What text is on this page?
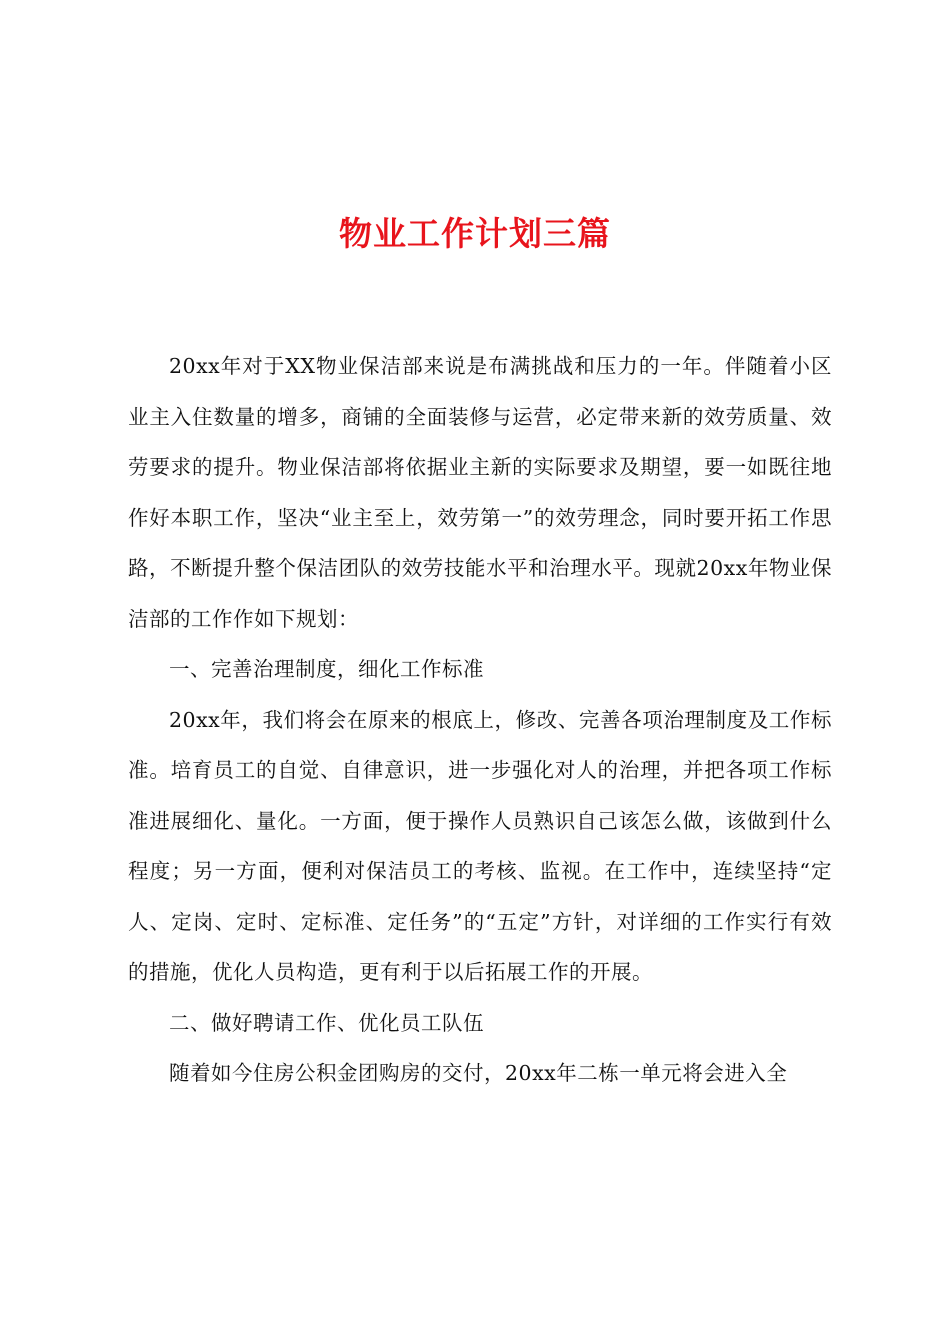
物业工作计划三篇

20xx年对于XX物业保洁部来说是布满挑战和压力的一年。伴随着小区业主入住数量的增多，商铺的全面装修与运营，必定带来新的效劳质量、效劳要求的提升。物业保洁部将依据业主新的实际要求及期望，要一如既往地作好本职工作，坚决“业主至上，效劳第一”的效劳理念，同时要开拓工作思路，不断提升整个保洁团队的效劳技能水平和治理水平。现就20xx年物业保洁部的工作作如下规划：

一、完善治理制度，细化工作标准

20xx年，我们将会在原来的根底上，修改、完善各项治理制度及工作标准。培育员工的自觉、自律意识，进一步强化对人的治理，并把各项工作标准进展细化、量化。一方面，便于操作人员熟识自己该怎么做，该做到什么程度；另一方面，便利对保洁员工的考核、监视。在工作中，连续坚持“定人、定岗、定时、定标准、定任务”的“五定”方针，对详细的工作实行有效的措施，优化人员构造，更有利于以后拓展工作的开展。

二、做好聘请工作、优化员工队伍

随着如今住房公积金团购房的交付，20xx年二栋一单元将会进入全
